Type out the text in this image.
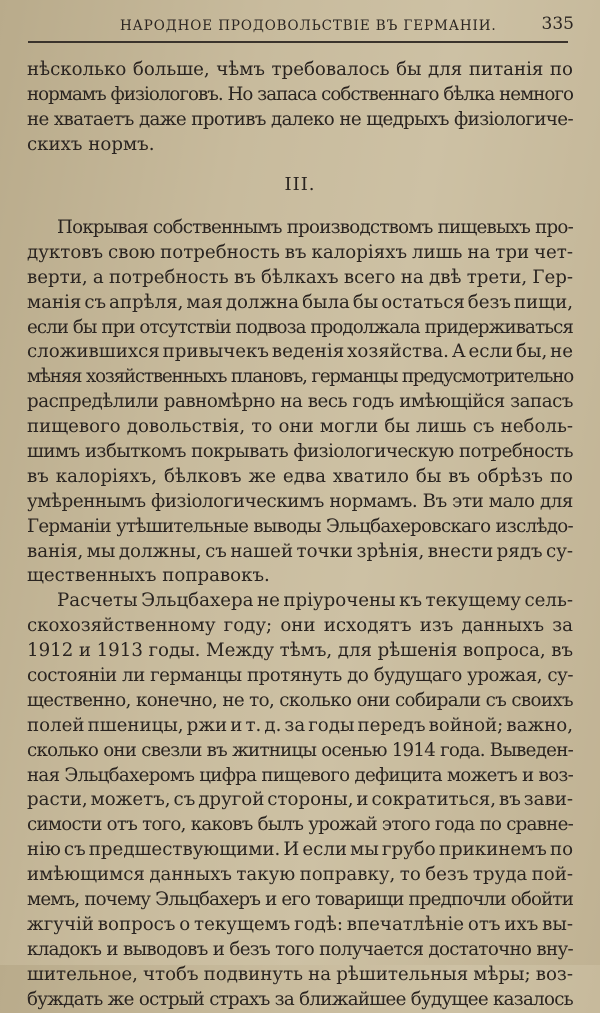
НАРОДНОЕ ПРОДОВОЛЬСТВІЕ ВЪ ГЕРМАНІИ.	335
нѣсколько больше, чѣмъ требовалось бы для питанія по
нормамъ физіологовъ. Но запаса собственнаго бѣлка немного
не хватаетъ даже противъ далеко не щедрыхъ физіологиче-
скихъ нормъ.
III.
Покрывая собственнымъ производствомъ пищевыхъ про-
дуктовъ свою потребность въ калоріяхъ лишь на три чет-
верти, а потребность въ бѣлкахъ всего на двѣ трети, Гер-
манія съ апрѣля, мая должна была бы остаться безъ пищи,
если бы при отсутствіи подвоза продолжала придерживаться
сложившихся привычекъ веденія хозяйства. А если бы, не
мѣняя хозяйственныхъ плановъ, германцы предусмотрительно
распредѣлили равномѣрно на весь годъ имѣющійся запасъ
пищевого довольствія, то они могли бы лишь съ неболь-
шимъ избыткомъ покрывать физіологическую потребность
въ калоріяхъ, бѣлковъ же едва хватило бы въ обрѣзъ по
умѣреннымъ физіологическимъ нормамъ. Въ эти мало для
Германіи утѣшительные выводы Эльцбахеровскаго изслѣдо-
ванія, мы должны, съ нашей точки зрѣнія, внести рядъ су-
щественныхъ поправокъ.
Расчеты Эльцбахера не пріурочены къ текущему сель-
скохозяйственному году; они исходятъ изъ данныхъ за
1912 и 1913 годы. Между тѣмъ, для рѣшенія вопроса, въ
состояніи ли германцы протянуть до будущаго урожая, су-
щественно, конечно, не то, сколько они собирали съ своихъ
полей пшеницы, ржи и т. д. за годы передъ войной; важно,
сколько они свезли въ житницы осенью 1914 года. Выведен-
ная Эльцбахеромъ цифра пищевого дефицита можетъ и воз-
расти, можетъ, съ другой стороны, и сократиться, въ зави-
симости отъ того, каковъ былъ урожай этого года по сравне-
нію съ предшествующими. И если мы грубо прикинемъ по
имѣющимся данныхъ такую поправку, то безъ труда пой-
мемъ, почему Эльцбахеръ и его товарищи предпочли обойти
жгучій вопросъ о текущемъ годѣ: впечатлѣніе отъ ихъ вы-
кладокъ и выводовъ и безъ того получается достаточно вну-
шительное, чтобъ подвинуть на рѣшительныя мѣры; воз-
буждать же острый страхъ за ближайшее будущее казалось
